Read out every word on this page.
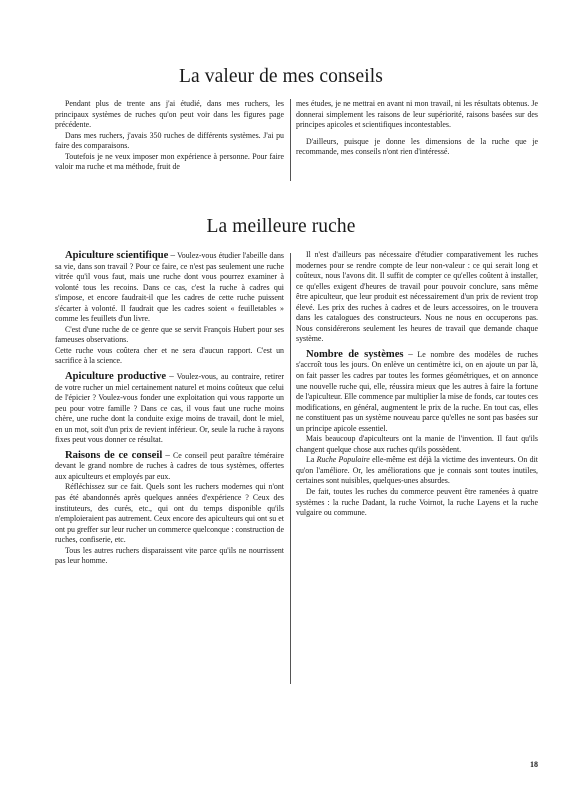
La valeur de mes conseils

Pendant plus de trente ans j'ai étudié, dans mes ruchers, les principaux systèmes de ruches qu'on peut voir dans les figures page précédente.

Dans mes ruchers, j'avais 350 ruches de différents systèmes. J'ai pu faire des comparaisons.

Toutefois je ne veux imposer mon expérience à personne. Pour faire valoir ma ruche et ma méthode, fruit de

mes études, je ne mettrai en avant ni mon travail, ni les résultats obtenus. Je donnerai simplement les raisons de leur supériorité, raisons basées sur des principes apicoles et scientifiques incontestables.

D'ailleurs, puisque je donne les dimensions de la ruche que je recommande, mes conseils n'ont rien d'intéressé.

La meilleure ruche

Apiculture scientifique – Voulez-vous étudier l'abeille dans sa vie, dans son travail ? Pour ce faire, ce n'est pas seulement une ruche vitrée qu'il vous faut, mais une ruche dont vous pourrez examiner à volonté tous les recoins. Dans ce cas, c'est la ruche à cadres qui s'impose, et encore faudrait-il que les cadres de cette ruche puissent s'écarter à volonté. Il faudrait que les cadres soient « feuilletables » comme les feuillets d'un livre.

C'est d'une ruche de ce genre que se servit François Hubert pour ses fameuses observations.

Cette ruche vous coûtera cher et ne sera d'aucun rapport. C'est un sacrifice à la science.

Apiculture productive – Voulez-vous, au contraire, retirer de votre rucher un miel certainement naturel et moins coûteux que celui de l'épicier ? Voulez-vous fonder une exploitation qui vous rapporte un peu pour votre famille ? Dans ce cas, il vous faut une ruche moins chère, une ruche dont la conduite exige moins de travail, dont le miel, en un mot, soit d'un prix de revient inférieur. Or, seule la ruche à rayons fixes peut vous donner ce résultat.

Raisons de ce conseil – Ce conseil peut paraître téméraire devant le grand nombre de ruches à cadres de tous systèmes, offertes aux apiculteurs et employés par eux.

Réfléchissez sur ce fait. Quels sont les ruchers modernes qui n'ont pas été abandonnés après quelques années d'expérience ? Ceux des instituteurs, des curés, etc., qui ont du temps disponible qu'ils n'emploieraient pas autrement. Ceux encore des apiculteurs qui ont su et ont pu greffer sur leur rucher un commerce quelconque : construction de ruches, confiserie, etc.

Tous les autres ruchers disparaissent vite parce qu'ils ne nourrissent pas leur homme.

Il n'est d'ailleurs pas nécessaire d'étudier comparativement les ruches modernes pour se rendre compte de leur non-valeur : ce qui serait long et coûteux, nous l'avons dit. Il suffit de compter ce qu'elles coûtent à installer, ce qu'elles exigent d'heures de travail pour pouvoir conclure, sans même être apiculteur, que leur produit est nécessairement d'un prix de revient trop élevé. Les prix des ruches à cadres et de leurs accessoires, on le trouvera dans les catalogues des constructeurs. Nous ne nous en occuperons pas. Nous considérerons seulement les heures de travail que demande chaque système.

Nombre de systèmes – Le nombre des modèles de ruches s'accroît tous les jours. On enlève un centimètre ici, on en ajoute un par là, on fait passer les cadres par toutes les formes géométriques, et on annonce une nouvelle ruche qui, elle, réussira mieux que les autres à faire la fortune de l'apiculteur. Elle commence par multiplier la mise de fonds, car toutes ces modifications, en général, augmentent le prix de la ruche. En tout cas, elles ne constituent pas un système nouveau parce qu'elles ne sont pas basées sur un principe apicole essentiel.

Mais beaucoup d'apiculteurs ont la manie de l'invention. Il faut qu'ils changent quelque chose aux ruches qu'ils possèdent.

La Ruche Populaire elle-même est déjà la victime des inventeurs. On dit qu'on l'améliore. Or, les améliorations que je connais sont toutes inutiles, certaines sont nuisibles, quelques-unes absurdes.

De fait, toutes les ruches du commerce peuvent être ramenées à quatre systèmes : la ruche Dadant, la ruche Voirnot, la ruche Layens et la ruche vulgaire ou commune.

18
